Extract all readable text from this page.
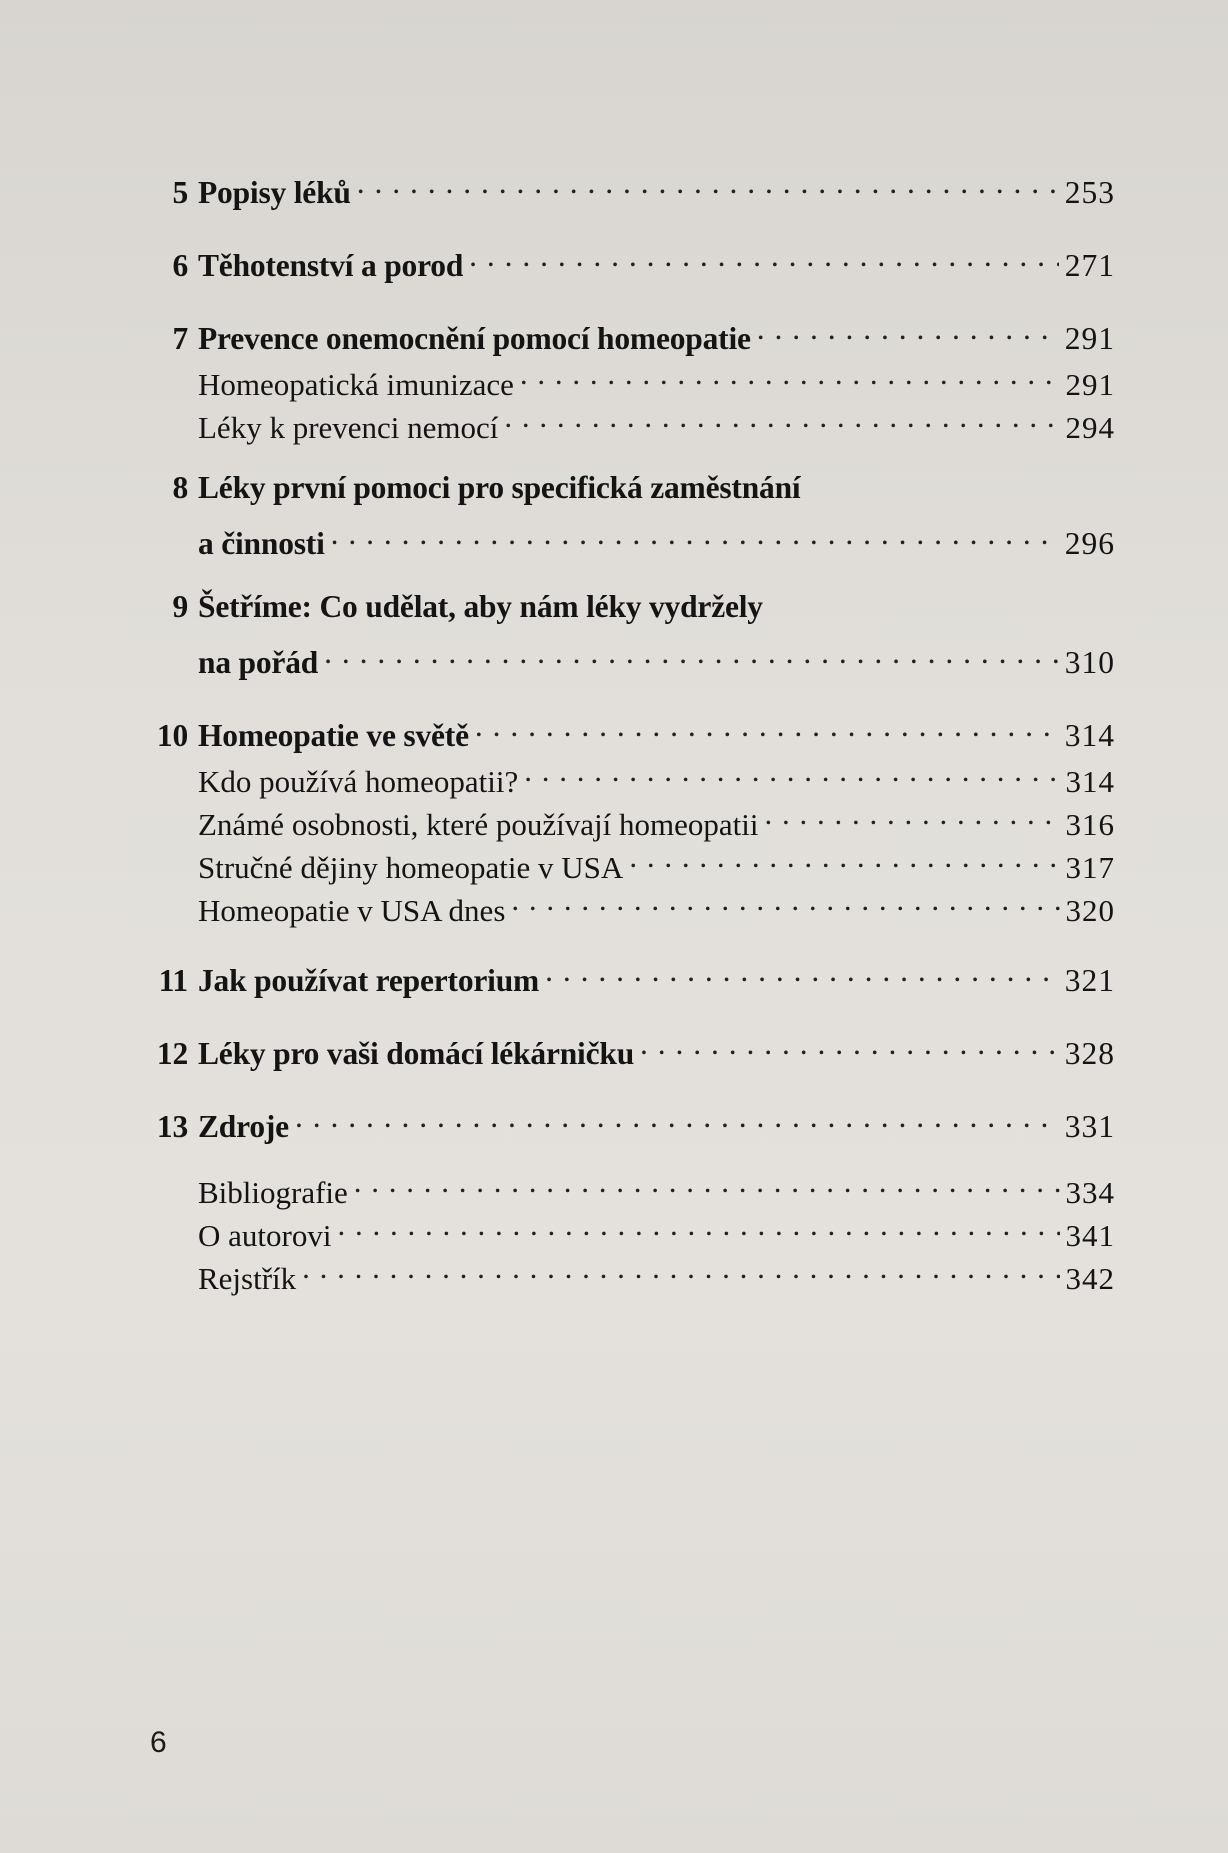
5 Popisy léků . . .	253
6 Těhotenství a porod . . .	271
7 Prevence onemocnění pomocí homeopatie . . .	291
Homeopatická imunizace . . .	291
Léky k prevenci nemocí . . .	294
8 Léky první pomoci pro specifická zaměstnání
a činnosti . . .	296
9 Šetříme: Co udělat, aby nám léky vydržely
na pořád . . .	310
10 Homeopatie ve světě . . .	314
Kdo používá homeopatii? . . .	314
Známé osobnosti, které používají homeopatii . . .	316
Stručné dějiny homeopatie v USA . . .	317
Homeopatie v USA dnes . . .	320
11 Jak používat repertorium . . .	321
12 Léky pro vaši domácí lékárničku . . .	328
13 Zdroje . . .	331
Bibliografie . . .	334
O autorovi . . .	341
Rejstřík . . .	342
6
